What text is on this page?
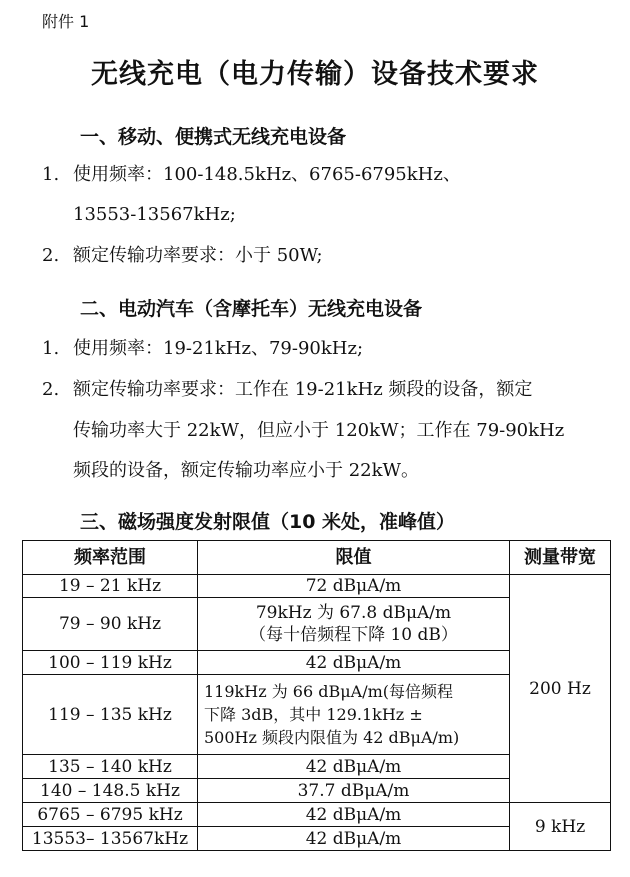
附件 1
无线充电（电力传输）设备技术要求
一、移动、便携式无线充电设备
1. 使用频率：100-148.5kHz、6765-6795kHz、
13553-13567kHz;
2. 额定传输功率要求：小于 50W;
二、电动汽车（含摩托车）无线充电设备
1. 使用频率：19-21kHz、79-90kHz;
2. 额定传输功率要求：工作在 19-21kHz 频段的设备，额定
传输功率大于 22kW，但应小于 120kW；工作在 79-90kHz
频段的设备，额定传输功率应小于 22kW。
三、磁场强度发射限值（10 米处，准峰值）
频率范围	限值	测量带宽
19 – 21 kHz	72 dBμA/m	200 Hz
79 – 90 kHz	79kHz 为 67.8 dBμA/m
（每十倍频程下降 10 dB）	

100 – 119 kHz	42 dBμA/m	
119 – 135 kHz	119kHz 为 66 dBμA/m(每倍频程
下降 3dB，其中 129.1kHz ±
500Hz 频段内限值为 42 dBμA/m)	

135 – 140 kHz	42 dBμA/m	
140 – 148.5 kHz	37.7 dBμA/m	
6765 – 6795 kHz	42 dBμA/m	9 kHz
13553– 13567kHz	42 dBμA/m	
